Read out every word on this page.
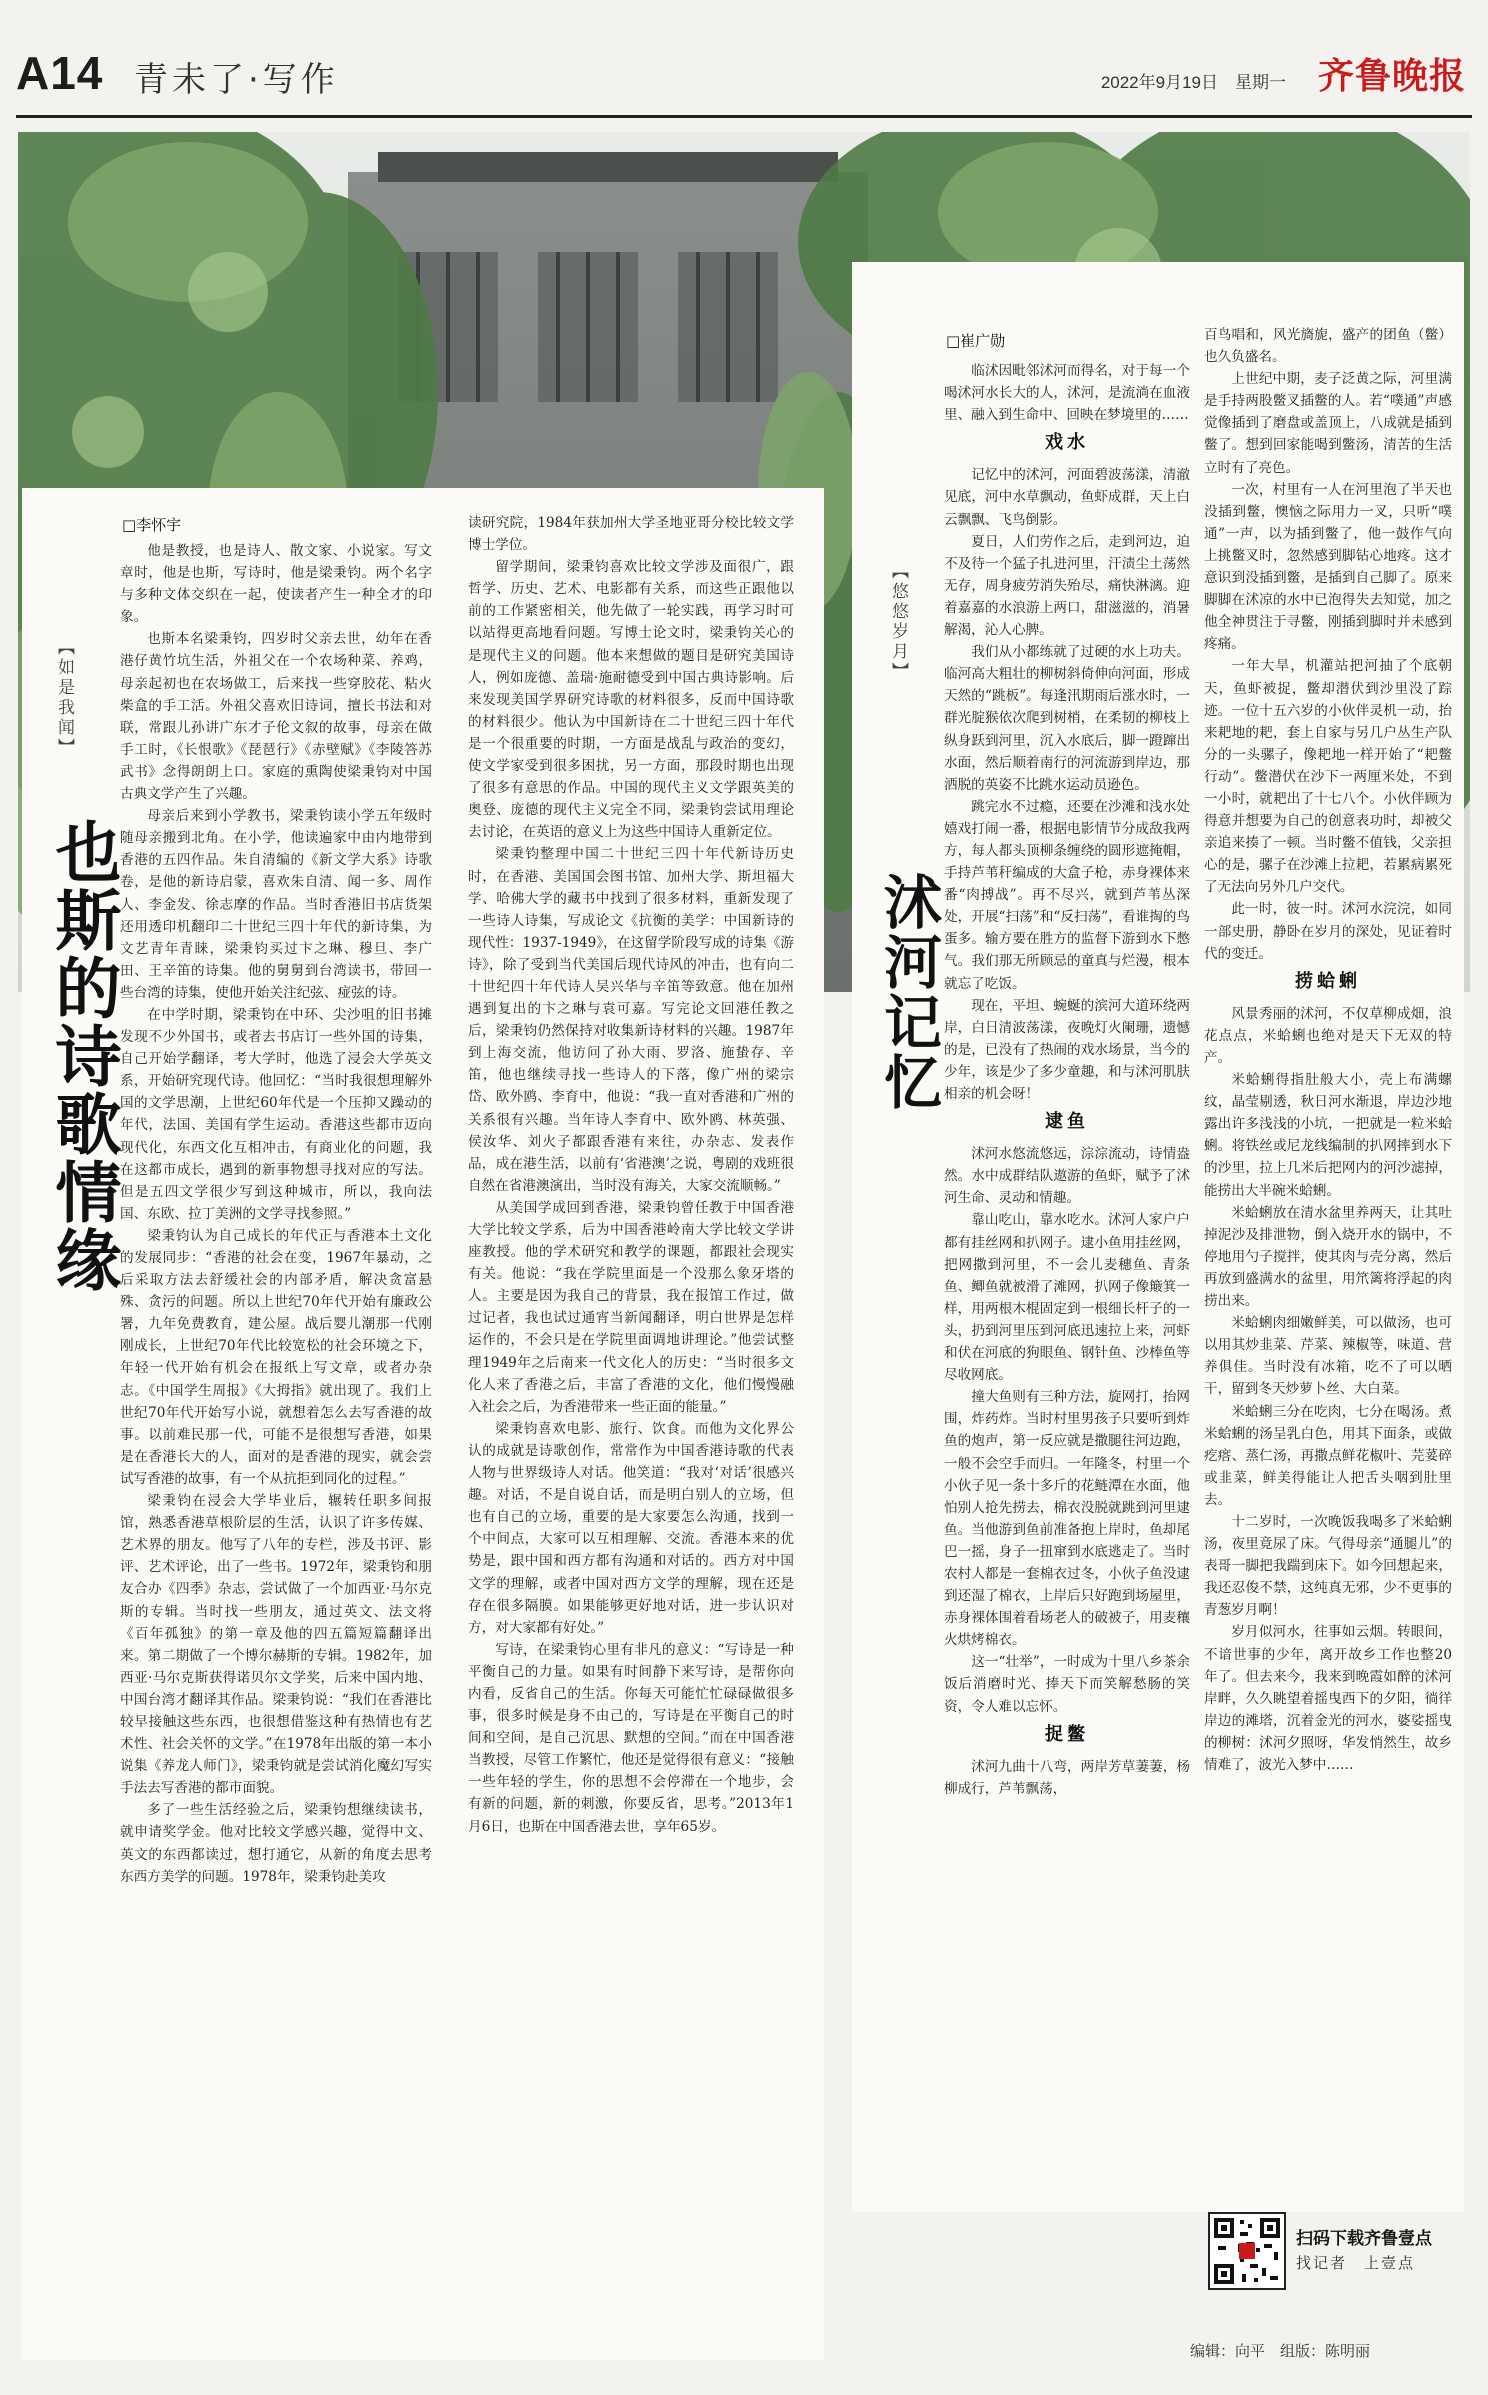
A14 青未了·写作	2022年9月19日　星期一 齐鲁晚报
【如是我闻】
也斯的诗歌情缘
□李怀宇

他是教授，也是诗人、散文家、小说家。写文章时，他是也斯，写诗时，他是梁秉钧。两个名字与多种文体交织在一起，使读者产生一种全才的印象。

也斯本名梁秉钧，四岁时父亲去世，幼年在香港仔黄竹坑生活，外祖父在一个农场种菜、养鸡，母亲起初也在农场做工，后来找一些穿胶花、粘火柴盒的手工活。外祖父喜欢旧诗词，擅长书法和对联，常跟儿孙讲广东才子伦文叙的故事，母亲在做手工时，《长恨歌》《琵琶行》《赤壁赋》《李陵答苏武书》念得朗朗上口。家庭的熏陶使梁秉钧对中国古典文学产生了兴趣。

母亲后来到小学教书，梁秉钧读小学五年级时随母亲搬到北角。在小学，他读遍家中由内地带到香港的五四作品。朱自清编的《新文学大系》诗歌卷，是他的新诗启蒙，喜欢朱自清、闻一多、周作人、李金发、徐志摩的作品。当时香港旧书店货架还用透印机翻印二十世纪三四十年代的新诗集，为文艺青年青睐，梁秉钧买过卞之琳、穆旦、李广田、王辛笛的诗集。他的舅舅到台湾读书，带回一些台湾的诗集，使他开始关注纪弦、痖弦的诗。

在中学时期，梁秉钧在中环、尖沙咀的旧书摊发现不少外国书，或者去书店订一些外国的诗集，自己开始学翻译，考大学时，他选了浸会大学英文系，开始研究现代诗。他回忆：“当时我很想理解外国的文学思潮，上世纪60年代是一个压抑又躁动的年代，法国、美国有学生运动。香港这些都市迈向现代化，东西文化互相冲击，有商业化的问题，我在这都市成长，遇到的新事物想寻找对应的写法。但是五四文学很少写到这种城市，所以，我向法国、东欧、拉丁美洲的文学寻找参照。”

梁秉钧认为自己成长的年代正与香港本土文化的发展同步：“香港的社会在变，1967年暴动，之后采取方法去舒缓社会的内部矛盾，解决贪富悬殊、贪污的问题。所以上世纪70年代开始有廉政公署，九年免费教育，建公屋。战后婴儿潮那一代刚刚成长，上世纪70年代比较宽松的社会环境之下，年轻一代开始有机会在报纸上写文章，或者办杂志。《中国学生周报》《大拇指》就出现了。我们上世纪70年代开始写小说，就想着怎么去写香港的故事。以前难民那一代，可能不是很想写香港，如果是在香港长大的人，面对的是香港的现实，就会尝试写香港的故事，有一个从抗拒到同化的过程。”

梁秉钧在浸会大学毕业后，辗转任职多间报馆，熟悉香港草根阶层的生活，认识了许多传媒、艺术界的朋友。他写了八年的专栏，涉及书评、影评、艺术评论，出了一些书。1972年，梁秉钧和朋友合办《四季》杂志，尝试做了一个加西亚·马尔克斯的专辑。当时找一些朋友，通过英文、法文将《百年孤独》的第一章及他的四五篇短篇翻译出来。第二期做了一个博尔赫斯的专辑。1982年，加西亚·马尔克斯获得诺贝尔文学奖，后来中国内地、中国台湾才翻译其作品。梁秉钧说：“我们在香港比较早接触这些东西，也很想借鉴这种有热情也有艺术性、社会关怀的文学。”在1978年出版的第一本小说集《养龙人师门》，梁秉钧就是尝试消化魔幻写实手法去写香港的都市面貌。

多了一些生活经验之后，梁秉钧想继续读书，就申请奖学金。他对比较文学感兴趣，觉得中文、英文的东西都读过，想打通它，从新的角度去思考东西方美学的问题。1978年，梁秉钧赴美攻

读研究院，1984年获加州大学圣地亚哥分校比较文学博士学位。

留学期间，梁秉钧喜欢比较文学涉及面很广，跟哲学、历史、艺术、电影都有关系，而这些正跟他以前的工作紧密相关，他先做了一轮实践，再学习时可以站得更高地看问题。写博士论文时，梁秉钧关心的是现代主义的问题。他本来想做的题目是研究美国诗人，例如庞德、盖瑞·施耐德受到中国古典诗影响。后来发现美国学界研究诗歌的材料很多，反而中国诗歌的材料很少。他认为中国新诗在二十世纪三四十年代是一个很重要的时期，一方面是战乱与政治的变幻，使文学家受到很多困扰，另一方面，那段时期也出现了很多有意思的作品。中国的现代主义文学跟英美的奥登、庞德的现代主义完全不同，梁秉钧尝试用理论去讨论，在英语的意义上为这些中国诗人重新定位。

梁秉钧整理中国二十世纪三四十年代新诗历史时，在香港、美国国会图书馆、加州大学、斯坦福大学、哈佛大学的藏书中找到了很多材料，重新发现了一些诗人诗集，写成论文《抗衡的美学：中国新诗的现代性：1937-1949》，在这留学阶段写成的诗集《游诗》，除了受到当代美国后现代诗风的冲击，也有向二十世纪四十年代诗人吴兴华与辛笛等致意。他在加州遇到复出的卞之琳与袁可嘉。写完论文回港任教之后，梁秉钧仍然保持对收集新诗材料的兴趣。1987年到上海交流，他访问了孙大雨、罗洛、施蛰存、辛笛，他也继续寻找一些诗人的下落，像广州的梁宗岱、欧外鸥、李育中，他说：“我一直对香港和广州的关系很有兴趣。当年诗人李育中、欧外鸥、林英强、侯汝华、刘火子都跟香港有来往，办杂志、发表作品，成在港生活，以前有‘省港澳’之说，粤剧的戏班很自然在省港澳演出，当时没有海关，大家交流顺畅。”

从美国学成回到香港，梁秉钧曾任教于中国香港大学比较文学系，后为中国香港岭南大学比较文学讲座教授。他的学术研究和教学的课题，都跟社会现实有关。他说：“我在学院里面是一个没那么象牙塔的人。主要是因为我自己的背景，我在报馆工作过，做过记者，我也试过通宵当新闻翻译，明白世界是怎样运作的，不会只是在学院里面调地讲理论。”他尝试整理1949年之后南来一代文化人的历史：“当时很多文化人来了香港之后，丰富了香港的文化，他们慢慢融入社会之后，为香港带来一些正面的能量。”

梁秉钧喜欢电影、旅行、饮食。而他为文化界公认的成就是诗歌创作，常常作为中国香港诗歌的代表人物与世界级诗人对话。他笑道：“我对‘对话’很感兴趣。对话，不是自说自话，而是明白别人的立场，但也有自己的立场，重要的是大家要怎么沟通，找到一个中间点，大家可以互相理解、交流。香港本来的优势是，跟中国和西方都有沟通和对话的。西方对中国文学的理解，或者中国对西方文学的理解，现在还是存在很多隔膜。如果能够更好地对话，进一步认识对方，对大家都有好处。”

写诗，在梁秉钧心里有非凡的意义：“写诗是一种平衡自己的力量。如果有时间静下来写诗，是帮你向内看，反省自己的生活。你每天可能忙忙碌碌做很多事，很多时候是身不由己的，写诗是在平衡自己的时间和空间，是自己沉思、默想的空间。”而在中国香港当教授，尽管工作繁忙，他还是觉得很有意义：“接触一些年轻的学生，你的思想不会停滞在一个地步，会有新的问题，新的刺激，你要反省，思考。”2013年1月6日，也斯在中国香港去世，享年65岁。

□崔广勋
【悠悠岁月】
沭河记忆

临沭因毗邻沭河而得名，对于每一个喝沭河水长大的人，沭河，是流淌在血液里、融入到生命中、回映在梦境里的……

戏水

记忆中的沭河，河面碧波荡漾，清澈见底，河中水草飘动，鱼虾成群，天上白云飘飘、飞鸟倒影。

夏日，人们劳作之后，走到河边，迫不及待一个猛子扎进河里，汗渍尘土荡然无存，周身疲劳消失殆尽，痛快淋漓。迎着嘉嘉的水浪游上两口，甜滋滋的，消暑解渴，沁人心脾。

我们从小都练就了过硬的水上功夫。临河高大粗壮的柳树斜倚伸向河面，形成天然的“跳板”。每逢汛期雨后涨水时，一群光腚猴依次爬到树梢，在柔韧的柳枝上纵身跃到河里，沉入水底后，脚一蹬蹿出水面，然后顺着南行的河流游到岸边，那洒脱的英姿不比跳水运动员逊色。

跳完水不过瘾，还要在沙滩和浅水处嬉戏打闹一番，根据电影情节分成敌我两方，每人都头顶柳条缠绕的圆形遮掩帽，手持芦苇秆编成的大盒子枪，赤身裸体来番“肉搏战”。再不尽兴，就到芦苇丛深处，开展“扫荡”和“反扫荡”，看谁掏的鸟蛋多。输方要在胜方的监督下游到水下憋气。我们那无所顾忌的童真与烂漫，根本就忘了吃饭。

现在，平坦、蜿蜒的滨河大道环绕两岸，白日清波荡漾，夜晚灯火阑珊，遗憾的是，已没有了热闹的戏水场景，当今的少年，该是少了多少童趣，和与沭河肌肤相亲的机会呀！

逮鱼

沭河水悠流悠远，淙淙流动，诗情盎然。水中成群结队遨游的鱼虾，赋予了沭河生命、灵动和情趣。

靠山吃山，靠水吃水。沭河人家户户都有挂丝网和扒网子。逮小鱼用挂丝网，把网撒到河里，不一会儿麦穗鱼、青条鱼、鲫鱼就被滑了滩网，扒网子像簸箕一样，用两根木棍固定到一根细长杆子的一头，扔到河里压到河底迅速拉上来，河虾和伏在河底的狗眼鱼、钢针鱼、沙棒鱼等尽收网底。

撞大鱼则有三种方法，旋网打，抬网围，炸药炸。当时村里男孩子只要听到炸鱼的炮声，第一反应就是撒腿往河边跑，一般不会空手而归。一年隆冬，村里一个小伙子见一条十多斤的花鲢潭在水面，他怕别人抢先捞去，棉衣没脱就跳到河里逮鱼。当他游到鱼前准备抱上岸时，鱼却尾巴一摇，身子一扭窜到水底逃走了。当时农村人都是一套棉衣过冬，小伙子鱼没逮到还湿了棉衣，上岸后只好跑到场屋里，赤身裸体围着看场老人的破被子，用麦穰火烘烤棉衣。

这一“壮举”，一时成为十里八乡茶余饭后消磨时光、捧天下而笑解愁肠的笑资，令人难以忘怀。

捉鳖

沭河九曲十八弯，两岸芳草萋萋，杨柳成行，芦苇飘荡，

百鸟唱和，风光旖旎，盛产的团鱼（鳖）也久负盛名。

上世纪中期，麦子泛黄之际，河里满是手持两股鳖叉插鳖的人。若“噗通”声感觉像插到了磨盘或盖顶上，八成就是插到鳖了。想到回家能喝到鳖汤，清苦的生活立时有了亮色。

一次，村里有一人在河里泡了半天也没插到鳖，懊恼之际用力一叉，只听“噗通”一声，以为插到鳖了，他一鼓作气向上挑鳖叉时，忽然感到脚钻心地疼。这才意识到没插到鳖，是插到自己脚了。原来脚脚在沭凉的水中已泡得失去知觉，加之他全神贯注于寻鳖，刚插到脚时并未感到疼痛。

一年大旱，机灌站把河抽了个底朝天，鱼虾被捉，鳖却潜伏到沙里没了踪迹。一位十五六岁的小伙伴灵机一动，抬来耙地的耙，套上自家与另几户丛生产队分的一头骡子，像耙地一样开始了“耙鳖行动”。鳖潜伏在沙下一两厘米处，不到一小时，就耙出了十七八个。小伙伴顾为得意并想要为自己的创意表功时，却被父亲追来揍了一顿。当时鳖不值钱，父亲担心的是，骡子在沙滩上拉耙，若累病累死了无法向另外几户交代。

此一时，彼一时。沭河水浣浣，如同一部史册，静卧在岁月的深处，见证着时代的变迁。

捞蛤蜊

风景秀丽的沭河，不仅草柳成畑，浪花点点，米蛤蜊也绝对是天下无双的特产。

米蛤蜊得指肚般大小，壳上布满螺纹，晶莹剔透，秋日河水渐退，岸边沙地露出许多浅浅的小坑，一把就是一粒米蛤蜊。将铁丝或尼龙线编制的扒网摔到水下的沙里，拉上几米后把网内的河沙滤掉，能捞出大半碗米蛤蜊。

米蛤蜊放在清水盆里养两天，让其吐掉泥沙及排泄物，倒入烧开水的锅中，不停地用勺子搅拌，使其肉与壳分离，然后再放到盛满水的盆里，用笊篱将浮起的肉捞出来。

米蛤蜊肉细嫩鲜美，可以做汤，也可以用其炒韭菜、芹菜、辣椒等，味道、营养俱佳。当时没有冰箱，吃不了可以晒干，留到冬天炒萝卜丝、大白菜。

米蛤蜊三分在吃肉，七分在喝汤。煮米蛤蜊的汤呈乳白色，用其下面条，或做疙瘩、蒸仁汤，再撒点鲜花椒叶、芫荽碎或韭菜，鲜美得能让人把舌头咽到肚里去。

十二岁时，一次晚饭我喝多了米蛤蜊汤，夜里竟尿了床。气得母亲“通腿儿”的表哥一脚把我踹到床下。如今回想起来，我还忍俊不禁，这纯真无邪，少不更事的青葱岁月啊！

岁月似河水，往事如云烟。转眼间，不谙世事的少年，离开故乡工作也整20年了。但去来今，我来到晚霞如醉的沭河岸畔，久久眺望着摇曳西下的夕阳，徜徉岸边的滩塔，沉着金光的河水，婆娑摇曳的柳树：沭河夕照呀，华发悄然生，故乡情难了，波光入梦中……

扫码下载齐鲁壹点
找记者　上壹点
编辑：向平　组版：陈明丽
